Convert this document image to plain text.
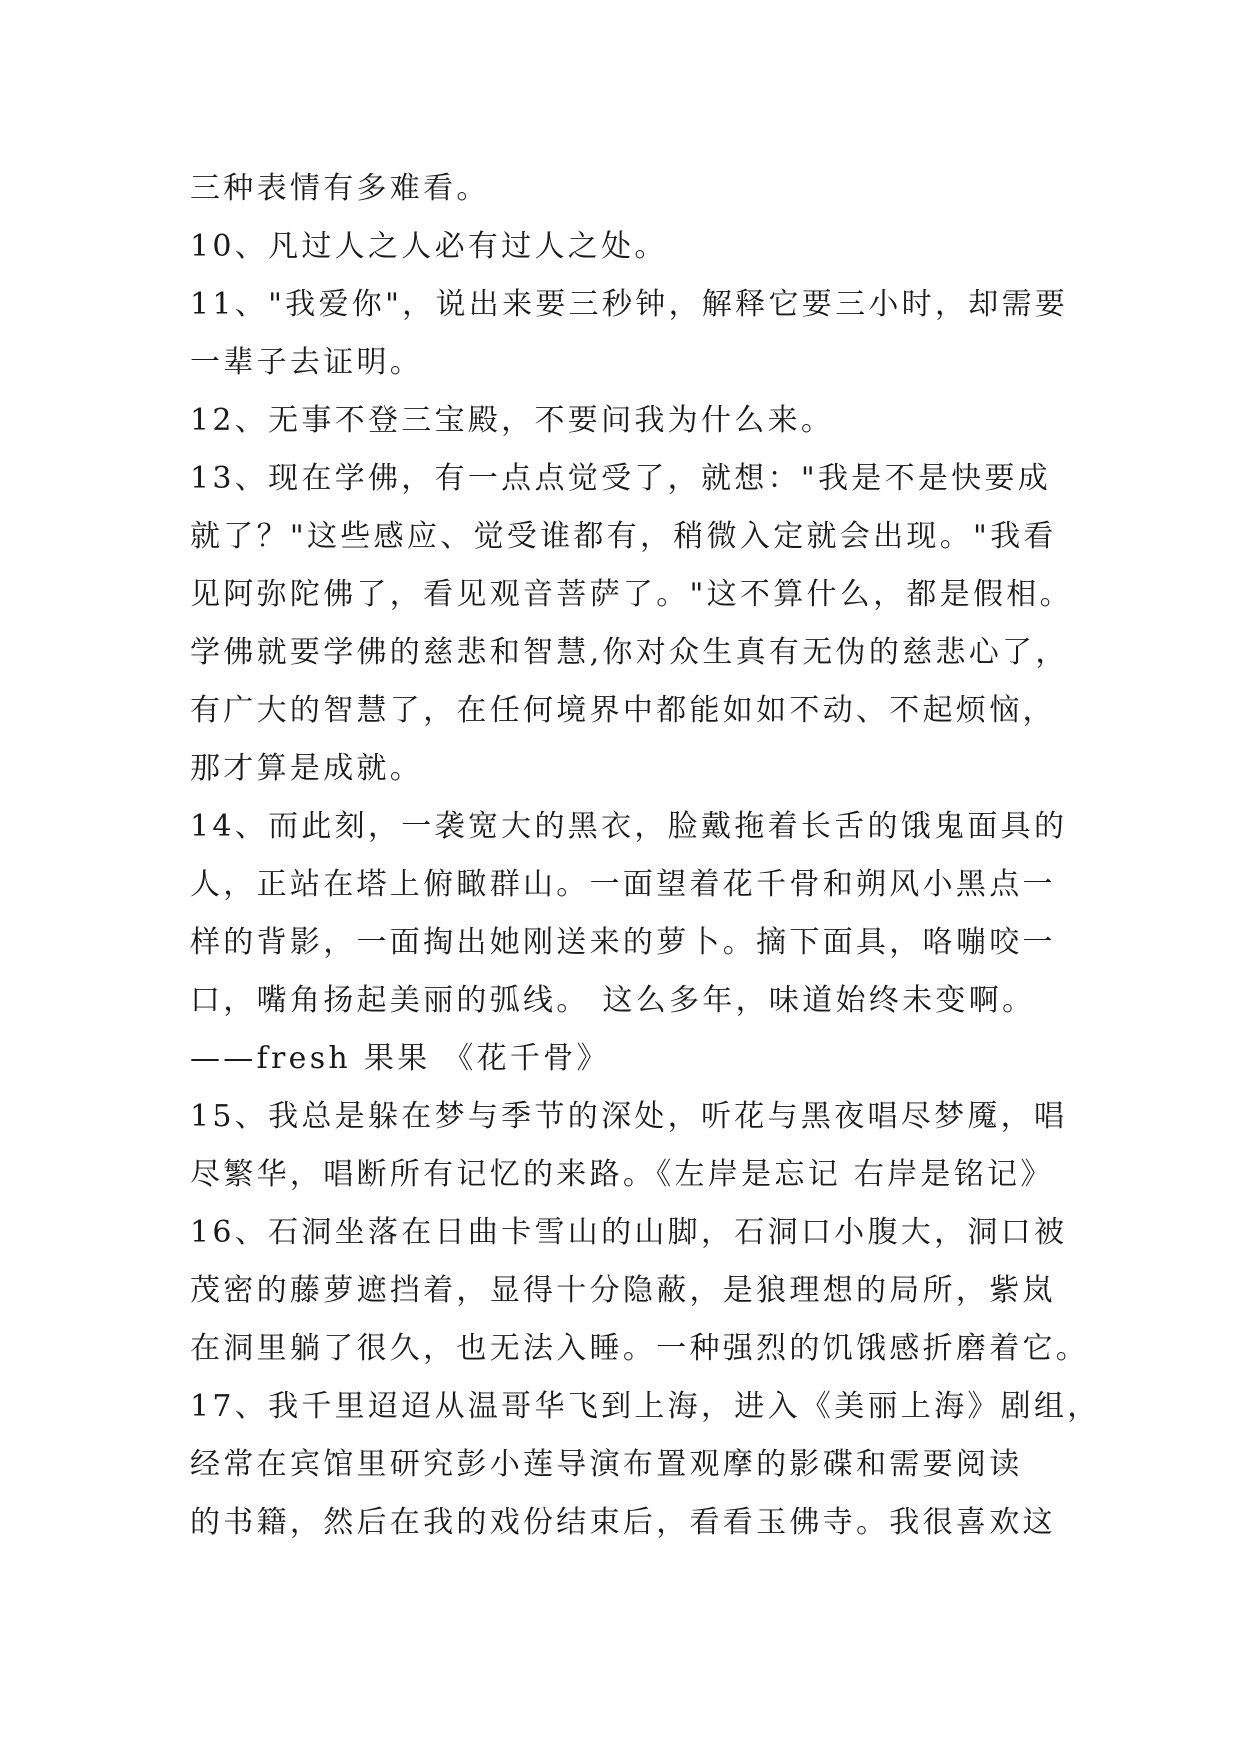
三种表情有多难看。
10、凡过人之人必有过人之处。
11、"我爱你"，说出来要三秒钟，解释它要三小时，却需要
一辈子去证明。
12、无事不登三宝殿，不要问我为什么来。
13、现在学佛，有一点点觉受了，就想："我是不是快要成
就了？"这些感应、觉受谁都有，稍微入定就会出现。"我看
见阿弥陀佛了，看见观音菩萨了。"这不算什么，都是假相。
学佛就要学佛的慈悲和智慧,你对众生真有无伪的慈悲心了，
有广大的智慧了，在任何境界中都能如如不动、不起烦恼，
那才算是成就。
14、而此刻，一袭宽大的黑衣，脸戴拖着长舌的饿鬼面具的
人，正站在塔上俯瞰群山。一面望着花千骨和朔风小黑点一
样的背影，一面掏出她刚送来的萝卜。摘下面具，咯嘣咬一
口，嘴角扬起美丽的弧线。 这么多年，味道始终未变啊。
——fresh 果果 《花千骨》
15、我总是躲在梦与季节的深处，听花与黑夜唱尽梦魇，唱
尽繁华，唱断所有记忆的来路。《左岸是忘记 右岸是铭记》
16、石洞坐落在日曲卡雪山的山脚，石洞口小腹大，洞口被
茂密的藤萝遮挡着，显得十分隐蔽，是狼理想的局所，紫岚
在洞里躺了很久，也无法入睡。一种强烈的饥饿感折磨着它。
17、我千里迢迢从温哥华飞到上海，进入《美丽上海》剧组，
经常在宾馆里研究彭小莲导演布置观摩的影碟和需要阅读
的书籍，然后在我的戏份结束后，看看玉佛寺。我很喜欢这
